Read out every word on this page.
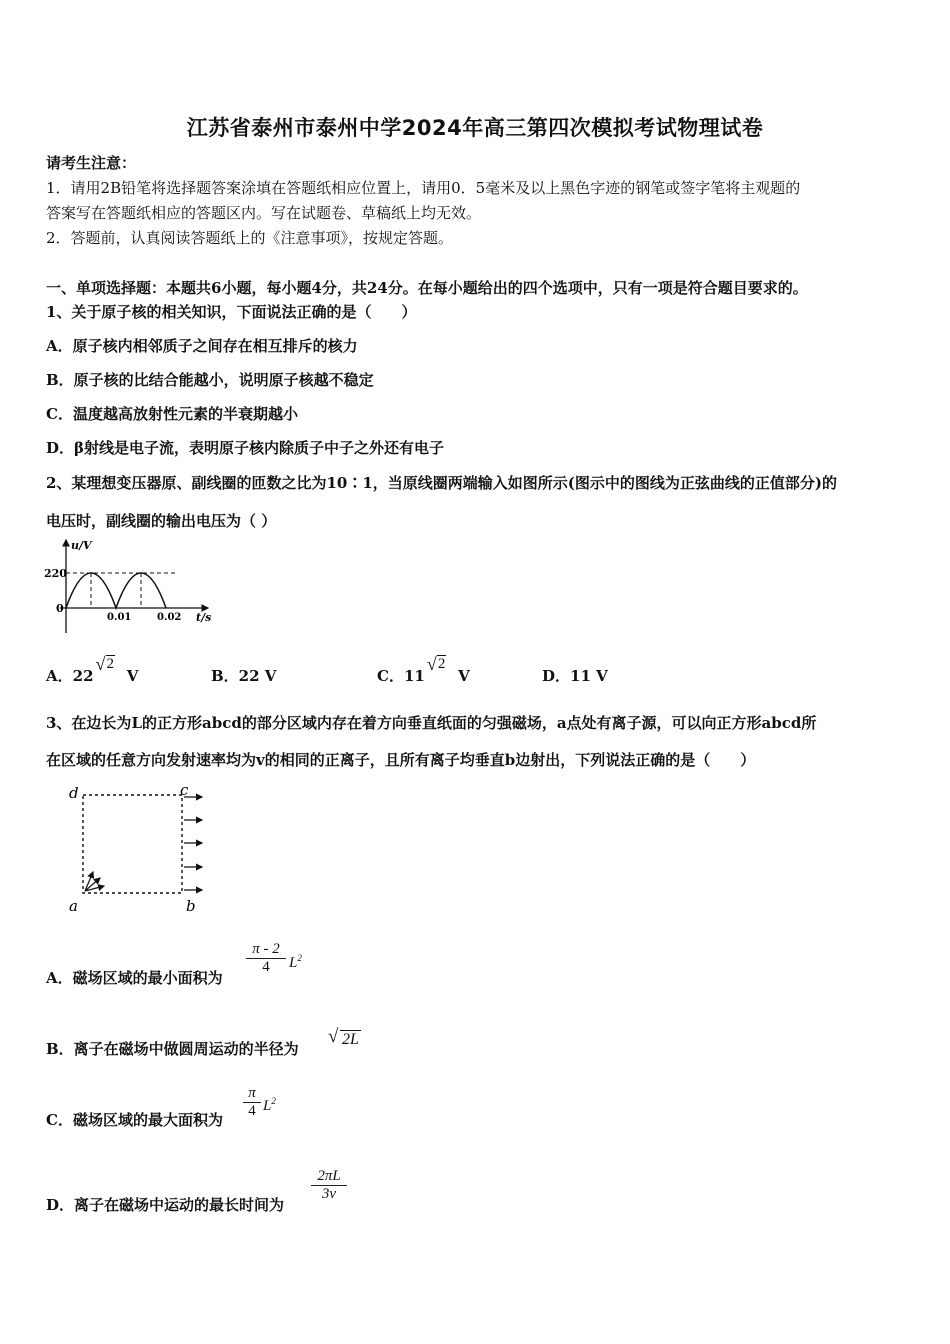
江苏省泰州市泰州中学2024年高三第四次模拟考试物理试卷
请考生注意：
1．请用2B铅笔将选择题答案涂填在答题纸相应位置上，请用0．5毫米及以上黑色字迹的钢笔或签字笔将主观题的
答案写在答题纸相应的答题区内。写在试题卷、草稿纸上均无效。
2．答题前，认真阅读答题纸上的《注意事项》，按规定答题。
一、单项选择题：本题共6小题，每小题4分，共24分。在每小题给出的四个选项中，只有一项是符合题目要求的。
1、关于原子核的相关知识，下面说法正确的是（　　）
A．原子核内相邻质子之间存在相互排斥的核力
B．原子核的比结合能越小，说明原子核越不稳定
C．温度越高放射性元素的半衰期越小
D．β射线是电子流，表明原子核内除质子中子之外还有电子
2、某理想变压器原、副线圈的匝数之比为10∶1，当原线圈两端输入如图所示(图示中的图线为正弦曲线的正值部分)的
电压时，副线圈的输出电压为（ ）
u/V
220
0
0.01	0.02 t/s
A．22
√ 2
V	B．22 V	C．11
√ 2
V	D．11 V
3、在边长为L的正方形abcd的部分区域内存在着方向垂直纸面的匀强磁场，a点处有离子源，可以向正方形abcd所
在区域的任意方向发射速率均为v的相同的正离子，且所有离子均垂直b边射出，下列说法正确的是（　　）
d	c
a	b
A．磁场区域的最小面积为
$\frac{\pi - 2}{4} L^2$
B．离子在磁场中做圆周运动的半径为
√ 2L
C．磁场区域的最大面积为 $\frac{\pi}{4} L^2$
D．离子在磁场中运动的最长时间为
$\frac{2\pi L}{3v}$
